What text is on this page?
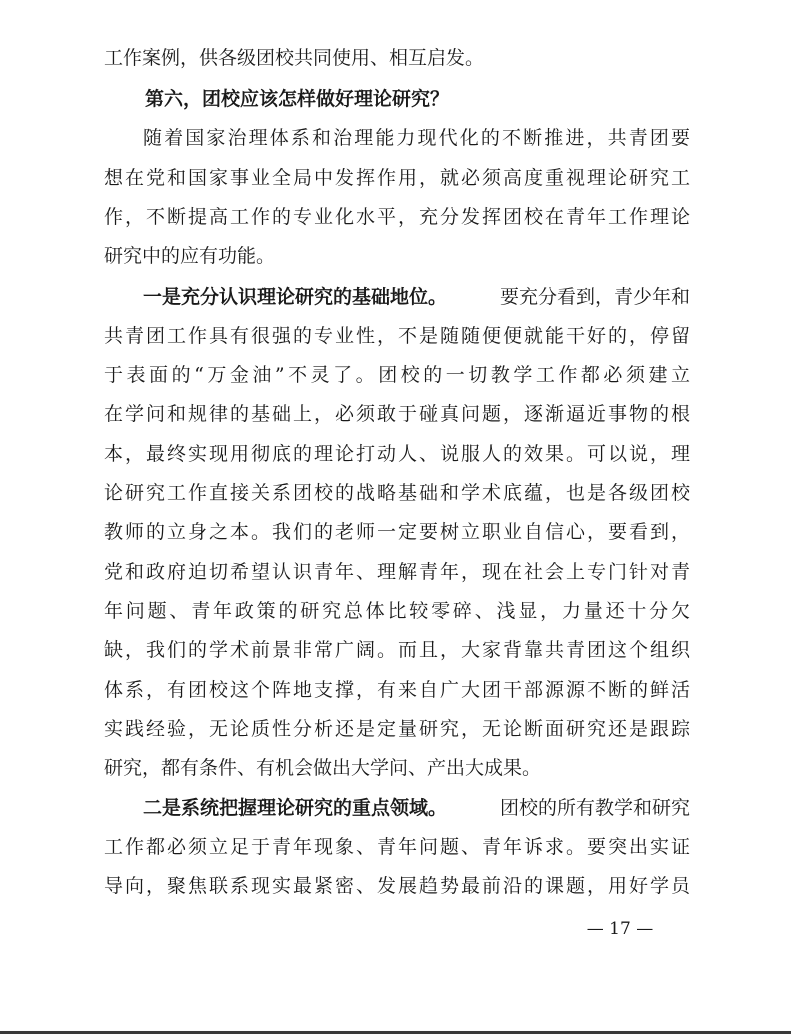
工作案例，供各级团校共同使用、相互启发。
第六，团校应该怎样做好理论研究？
随着国家治理体系和治理能力现代化的不断推进，共青团要
想在党和国家事业全局中发挥作用，就必须高度重视理论研究工
作，不断提高工作的专业化水平，充分发挥团校在青年工作理论
研究中的应有功能。
一是充分认识理论研究的基础地位。	要充分看到，青少年和
共青团工作具有很强的专业性，不是随随便便就能干好的，停留
于表面的“万金油”不灵了。团校的一切教学工作都必须建立
在学问和规律的基础上，必须敢于碰真问题，逐渐逼近事物的根
本，最终实现用彻底的理论打动人、说服人的效果。可以说，理
论研究工作直接关系团校的战略基础和学术底蕴，也是各级团校
教师的立身之本。我们的老师一定要树立职业自信心，要看到，
党和政府迫切希望认识青年、理解青年，现在社会上专门针对青
年问题、青年政策的研究总体比较零碎、浅显，力量还十分欠
缺，我们的学术前景非常广阔。而且，大家背靠共青团这个组织
体系，有团校这个阵地支撑，有来自广大团干部源源不断的鲜活
实践经验，无论质性分析还是定量研究，无论断面研究还是跟踪
研究，都有条件、有机会做出大学问、产出大成果。
二是系统把握理论研究的重点领域。	团校的所有教学和研究
工作都必须立足于青年现象、青年问题、青年诉求。要突出实证
导向，聚焦联系现实最紧密、发展趋势最前沿的课题，用好学员
— 17 —
